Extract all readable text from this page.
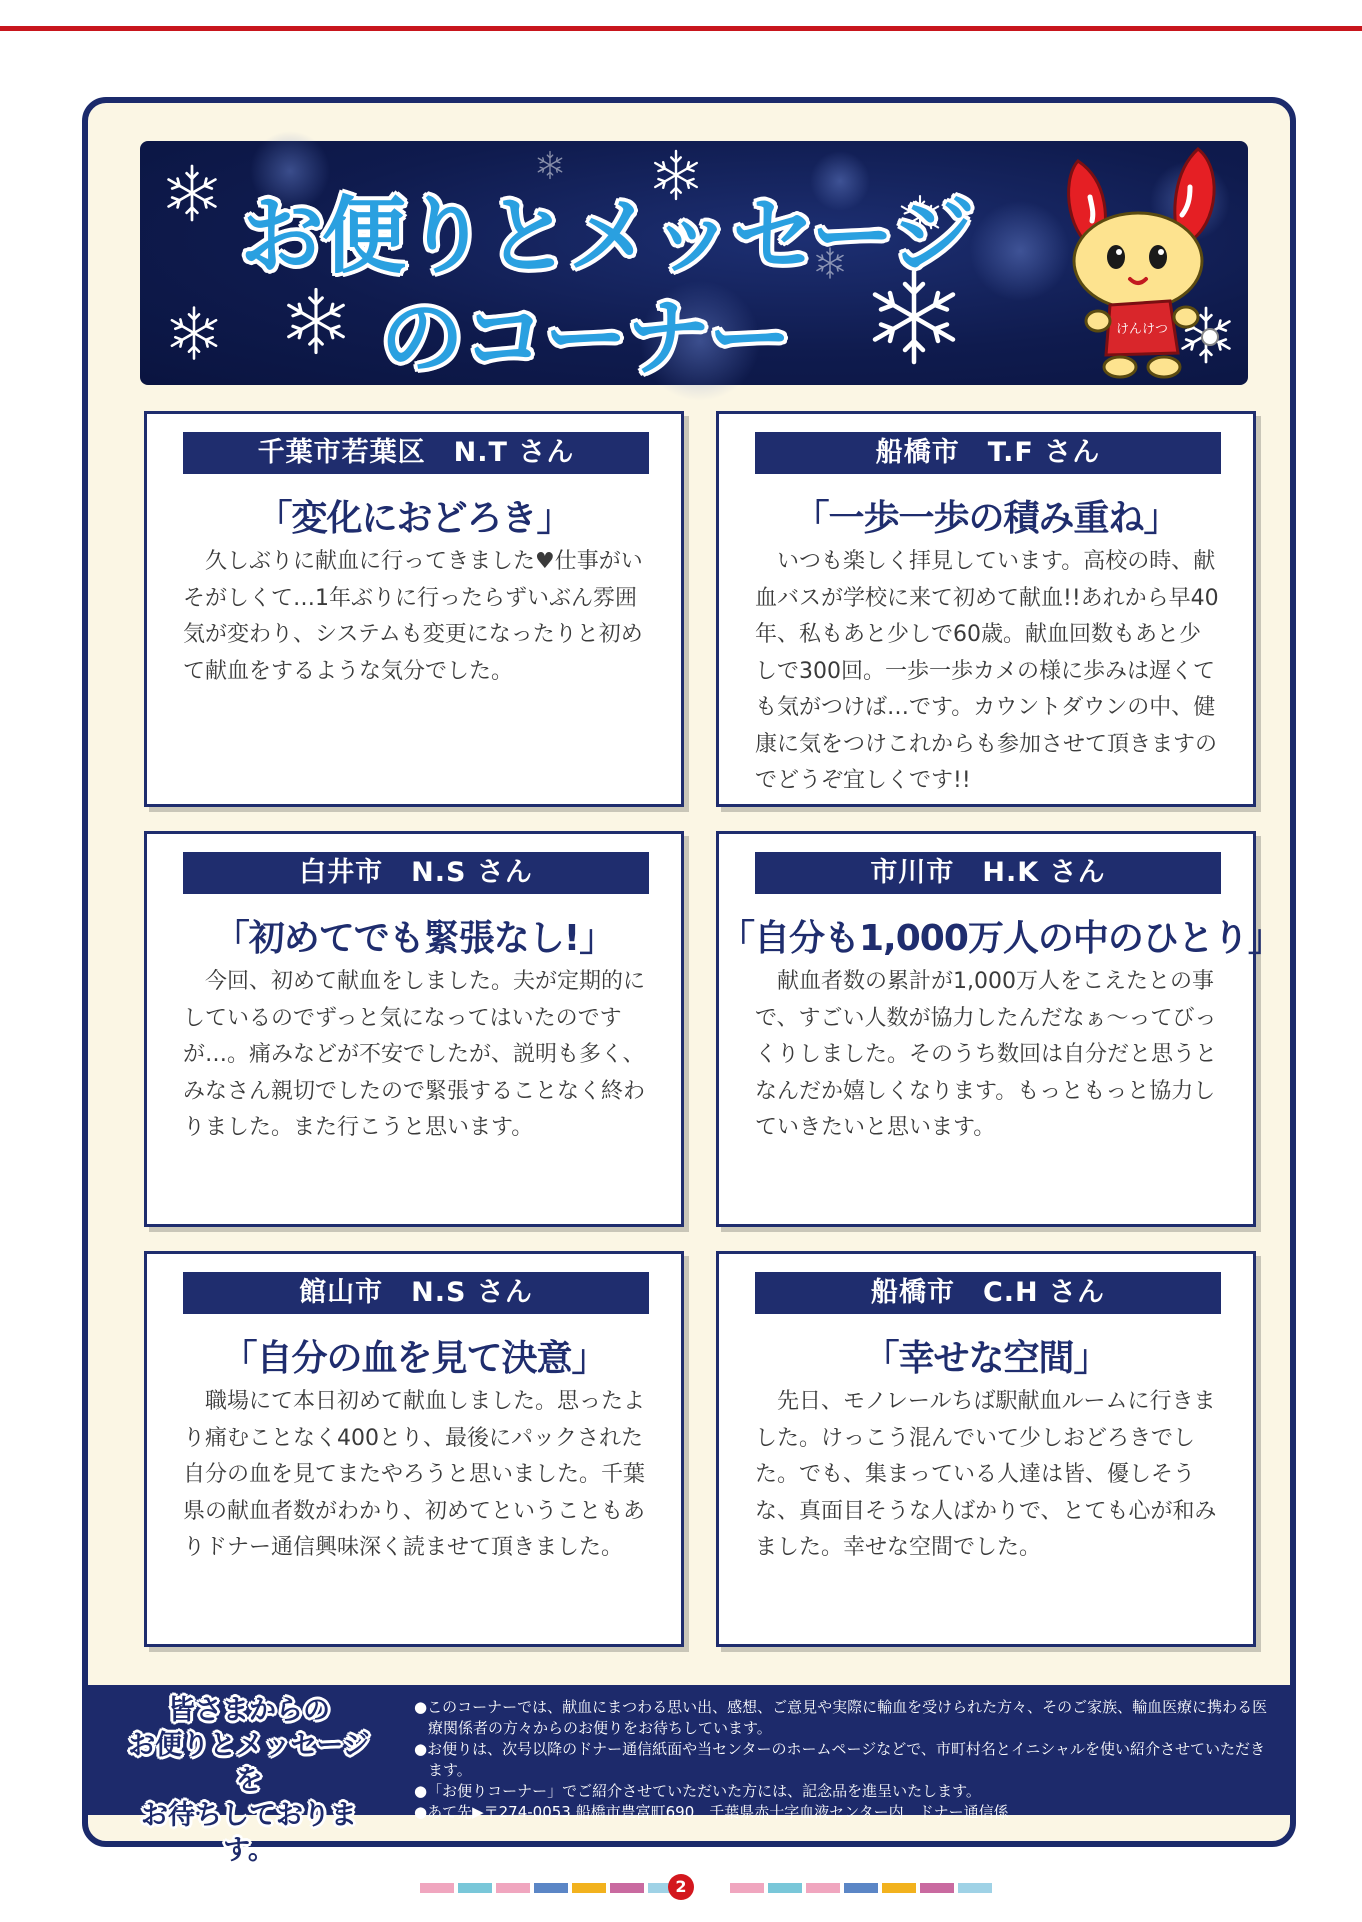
お便りとメッセージ
のコーナー	けんけつ
千葉市若葉区　N.T さん
「変化におどろき」

久しぶりに献血に行ってきました♥仕事がいそがしくて…1年ぶりに行ったらずいぶん雰囲気が変わり、システムも変更になったりと初めて献血をするような気分でした。

船橋市　T.F さん
「一歩一歩の積み重ね」

いつも楽しく拝見しています。高校の時、献血バスが学校に来て初めて献血!!あれから早40年、私もあと少しで60歳。献血回数もあと少しで300回。一歩一歩カメの様に歩みは遅くても気がつけば…です。カウントダウンの中、健康に気をつけこれからも参加させて頂きますのでどうぞ宜しくです!!

白井市　N.S さん
「初めてでも緊張なし!」

今回、初めて献血をしました。夫が定期的にしているのでずっと気になってはいたのですが…。痛みなどが不安でしたが、説明も多く、みなさん親切でしたので緊張することなく終わりました。また行こうと思います。

市川市　H.K さん
「自分も1,000万人の中のひとり」

献血者数の累計が1,000万人をこえたとの事で、すごい人数が協力したんだなぁ〜ってびっくりしました。そのうち数回は自分だと思うとなんだか嬉しくなります。もっともっと協力していきたいと思います。

館山市　N.S さん
「自分の血を見て決意」

職場にて本日初めて献血しました。思ったより痛むことなく400とり、最後にパックされた自分の血を見てまたやろうと思いました。千葉県の献血者数がわかり、初めてということもありドナー通信興味深く読ませて頂きました。

船橋市　C.H さん
「幸せな空間」

先日、モノレールちば駅献血ルームに行きました。けっこう混んでいて少しおどろきでした。でも、集まっている人達は皆、優しそうな、真面目そうな人ばかりで、とても心が和みました。幸せな空間でした。

皆さまからの
お便りとメッセージを
お待ちしております。
●このコーナーでは、献血にまつわる思い出、感想、ご意見や実際に輸血を受けられた方々、そのご家族、輸血医療に携わる医療関係者の方々からのお便りをお待ちしています。
●お便りは、次号以降のドナー通信紙面や当センターのホームページなどで、市町村名とイニシャルを使い紹介させていただきます。
●「お便りコーナー」でご紹介させていただいた方には、記念品を進呈いたします。
●あて先▶〒274-0053 船橋市豊富町690　千葉県赤十字血液センター内　ドナー通信係
2
